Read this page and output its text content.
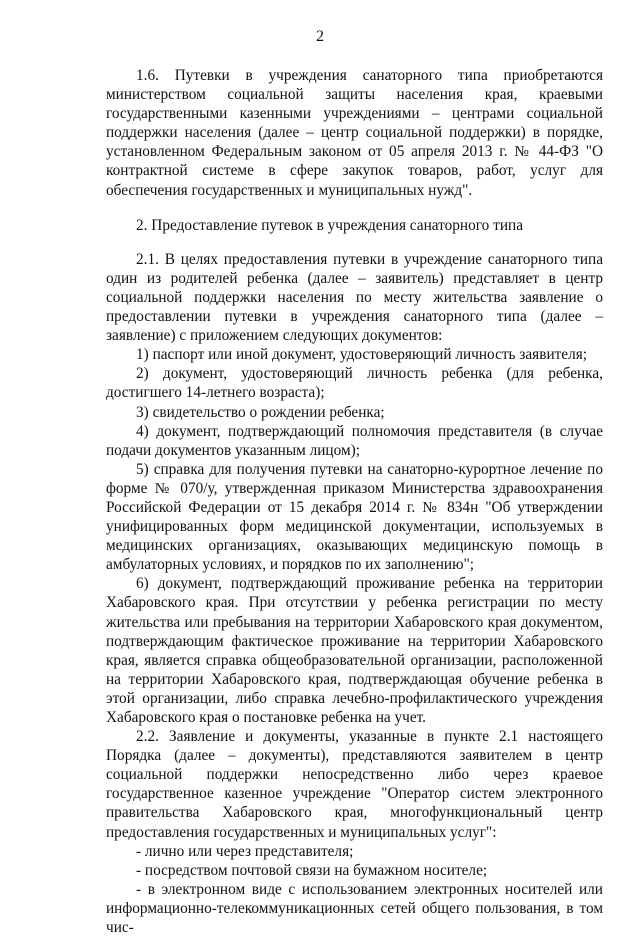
2

1.6. Путевки в учреждения санаторного типа приобретаются министерством социальной защиты населения края, краевыми государственными казенными учреждениями – центрами социальной поддержки населения (далее – центр социальной поддержки) в порядке, установленном Федеральным законом от 05 апреля 2013 г. № 44-ФЗ "О контрактной системе в сфере закупок товаров, работ, услуг для обеспечения государственных и муниципальных нужд".

2. Предоставление путевок в учреждения санаторного типа

2.1. В целях предоставления путевки в учреждение санаторного типа один из родителей ребенка (далее – заявитель) представляет в центр социальной поддержки населения по месту жительства заявление о предоставлении путевки в учреждения санаторного типа (далее – заявление) с приложением следующих документов:

1) паспорт или иной документ, удостоверяющий личность заявителя;

2) документ, удостоверяющий личность ребенка (для ребенка, достигшего 14-летнего возраста);

3) свидетельство о рождении ребенка;

4) документ, подтверждающий полномочия представителя (в случае подачи документов указанным лицом);

5) справка для получения путевки на санаторно-курортное лечение по форме № 070/у, утвержденная приказом Министерства здравоохранения Российской Федерации от 15 декабря 2014 г. № 834н "Об утверждении унифицированных форм медицинской документации, используемых в медицинских организациях, оказывающих медицинскую помощь в амбулаторных условиях, и порядков по их заполнению";

6) документ, подтверждающий проживание ребенка на территории Хабаровского края. При отсутствии у ребенка регистрации по месту жительства или пребывания на территории Хабаровского края документом, подтверждающим фактическое проживание на территории Хабаровского края, является справка общеобразовательной организации, расположенной на территории Хабаровского края, подтверждающая обучение ребенка в этой организации, либо справка лечебно-профилактического учреждения Хабаровского края о постановке ребенка на учет.

2.2. Заявление и документы, указанные в пункте 2.1 настоящего Порядка (далее – документы), представляются заявителем в центр социальной поддержки непосредственно либо через краевое государственное казенное учреждение "Оператор систем электронного правительства Хабаровского края, многофункциональный центр предоставления государственных и муниципальных услуг":

- лично или через представителя;

- посредством почтовой связи на бумажном носителе;

- в электронном виде с использованием электронных носителей или информационно-телекоммуникационных сетей общего пользования, в том чис-
